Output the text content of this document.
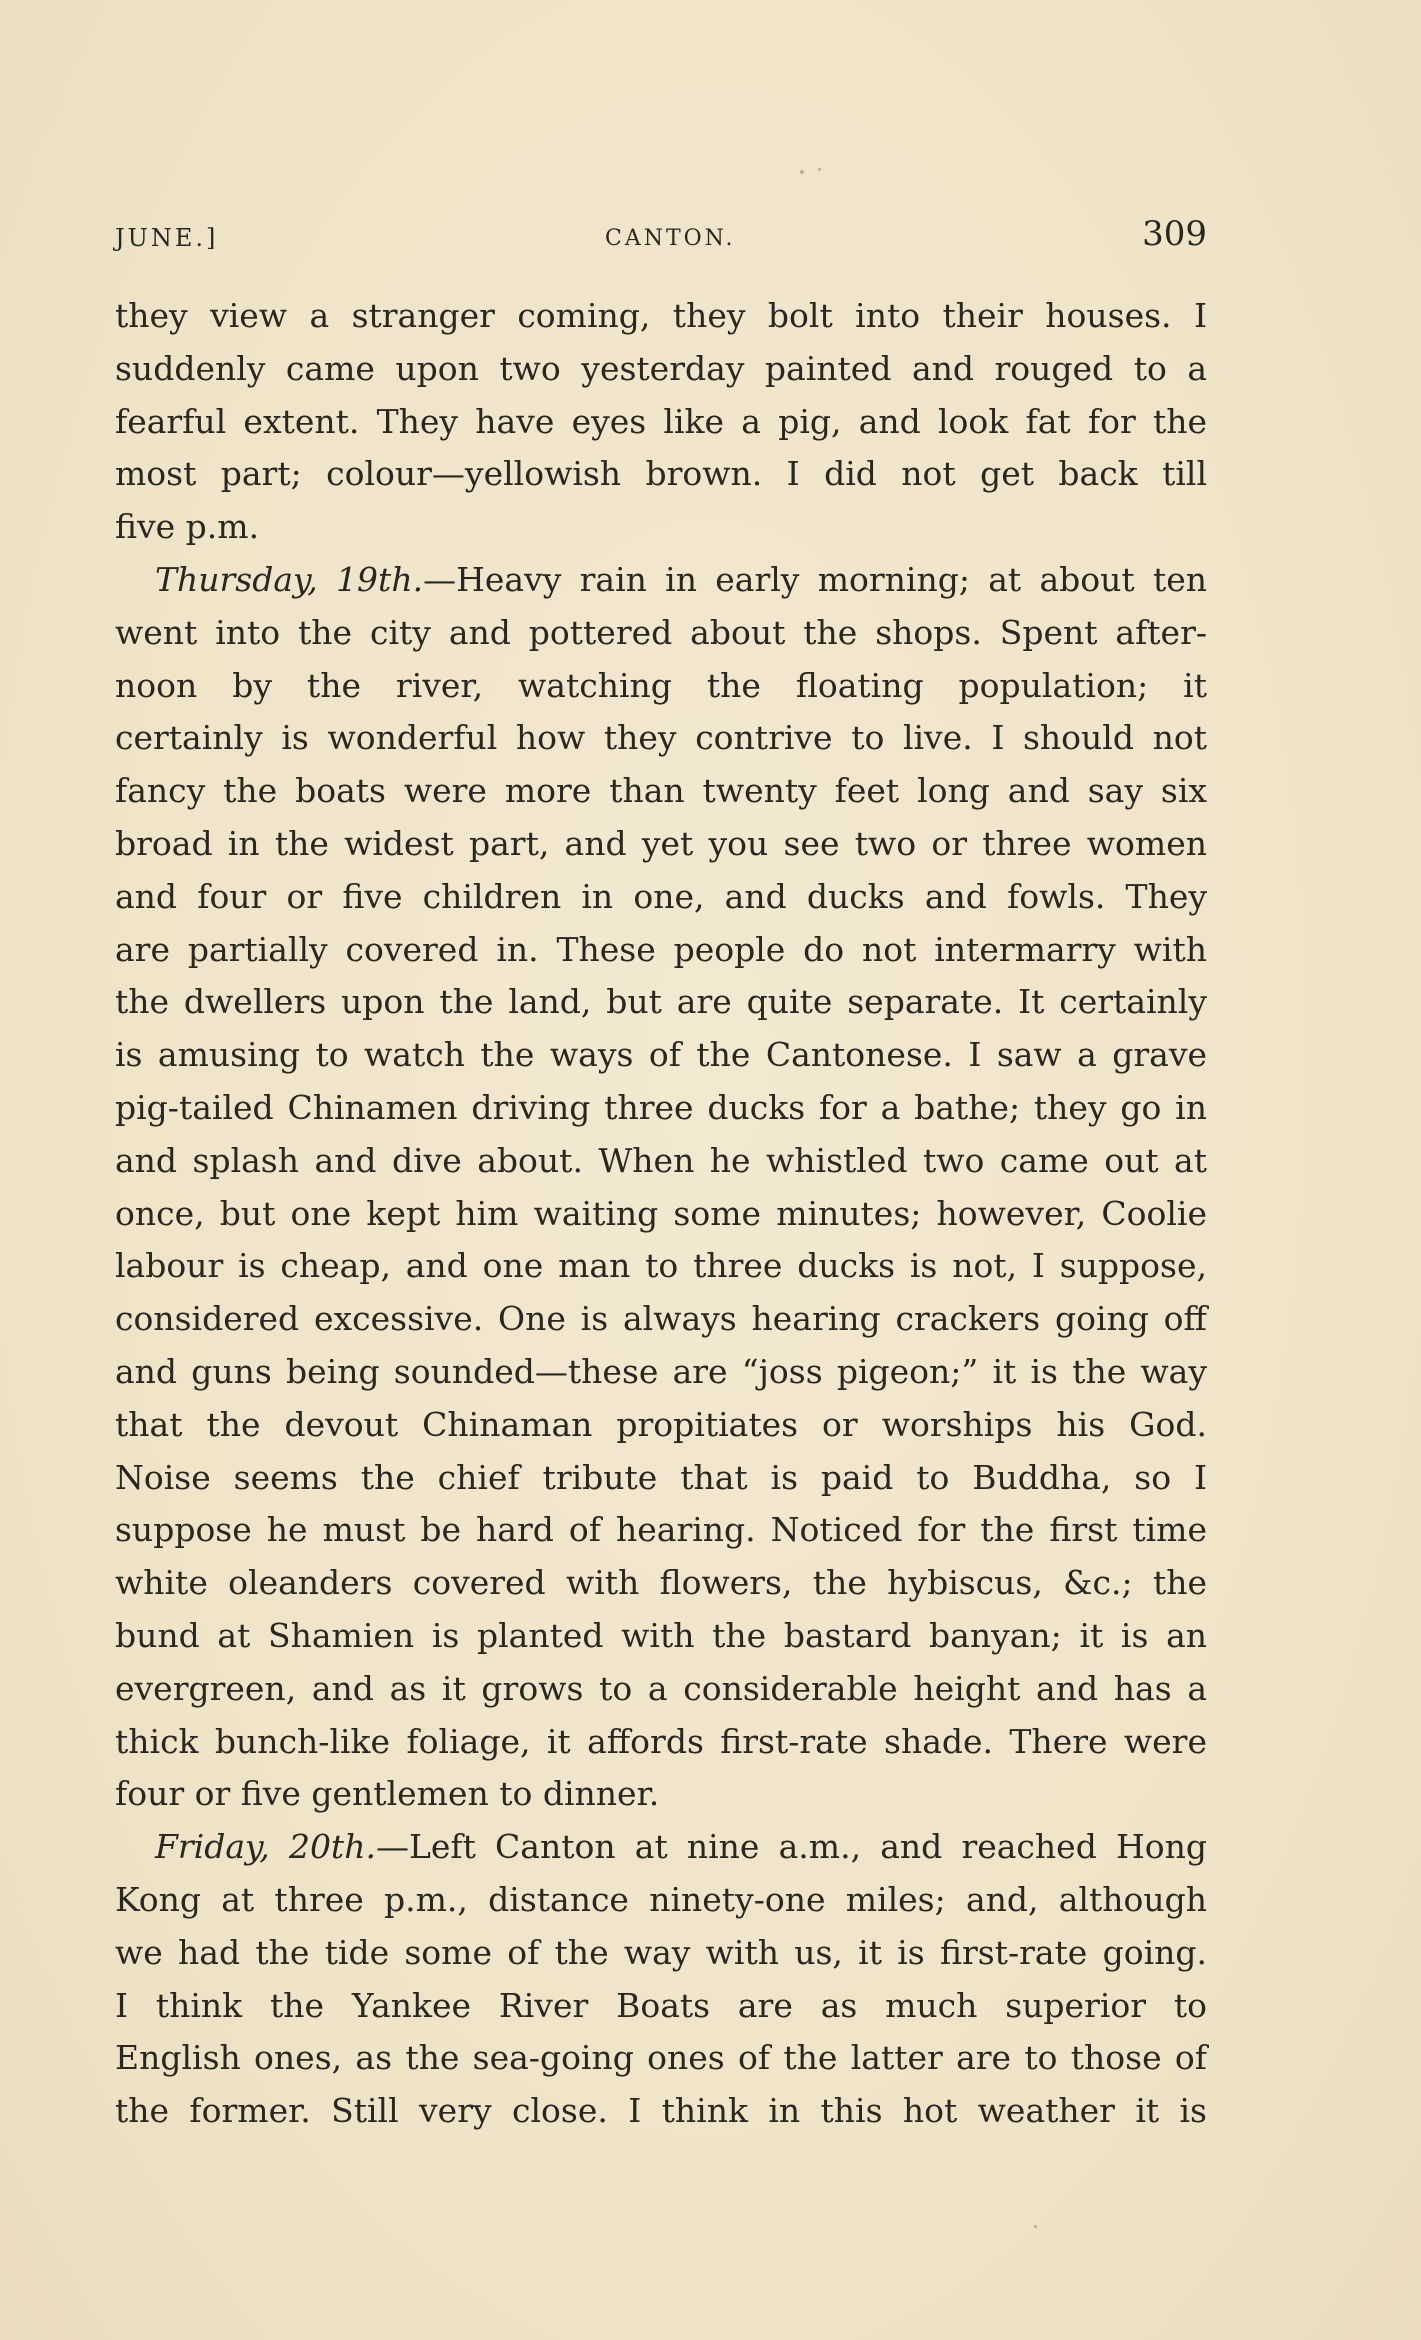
JUNE.]	CANTON.	309
they view a stranger coming, they bolt into their houses. I
suddenly came upon two yesterday painted and rouged to a
fearful extent. They have eyes like a pig, and look fat for the
most part; colour—yellowish brown. I did not get back till
five p.m.
Thursday, 19th.—Heavy rain in early morning; at about ten
went into the city and pottered about the shops. Spent after-
noon by the river, watching the floating population; it
certainly is wonderful how they contrive to live. I should not
fancy the boats were more than twenty feet long and say six
broad in the widest part, and yet you see two or three women
and four or five children in one, and ducks and fowls. They
are partially covered in. These people do not intermarry with
the dwellers upon the land, but are quite separate. It certainly
is amusing to watch the ways of the Cantonese. I saw a grave
pig-tailed Chinamen driving three ducks for a bathe; they go in
and splash and dive about. When he whistled two came out at
once, but one kept him waiting some minutes; however, Coolie
labour is cheap, and one man to three ducks is not, I suppose,
considered excessive. One is always hearing crackers going off
and guns being sounded—these are “joss pigeon;” it is the way
that the devout Chinaman propitiates or worships his God.
Noise seems the chief tribute that is paid to Buddha, so I
suppose he must be hard of hearing. Noticed for the first time
white oleanders covered with flowers, the hybiscus, &c.; the
bund at Shamien is planted with the bastard banyan; it is an
evergreen, and as it grows to a considerable height and has a
thick bunch-like foliage, it affords first-rate shade. There were
four or five gentlemen to dinner.
Friday, 20th.—Left Canton at nine a.m., and reached Hong
Kong at three p.m., distance ninety-one miles; and, although
we had the tide some of the way with us, it is first-rate going.
I think the Yankee River Boats are as much superior to
English ones, as the sea-going ones of the latter are to those of
the former. Still very close. I think in this hot weather it is
